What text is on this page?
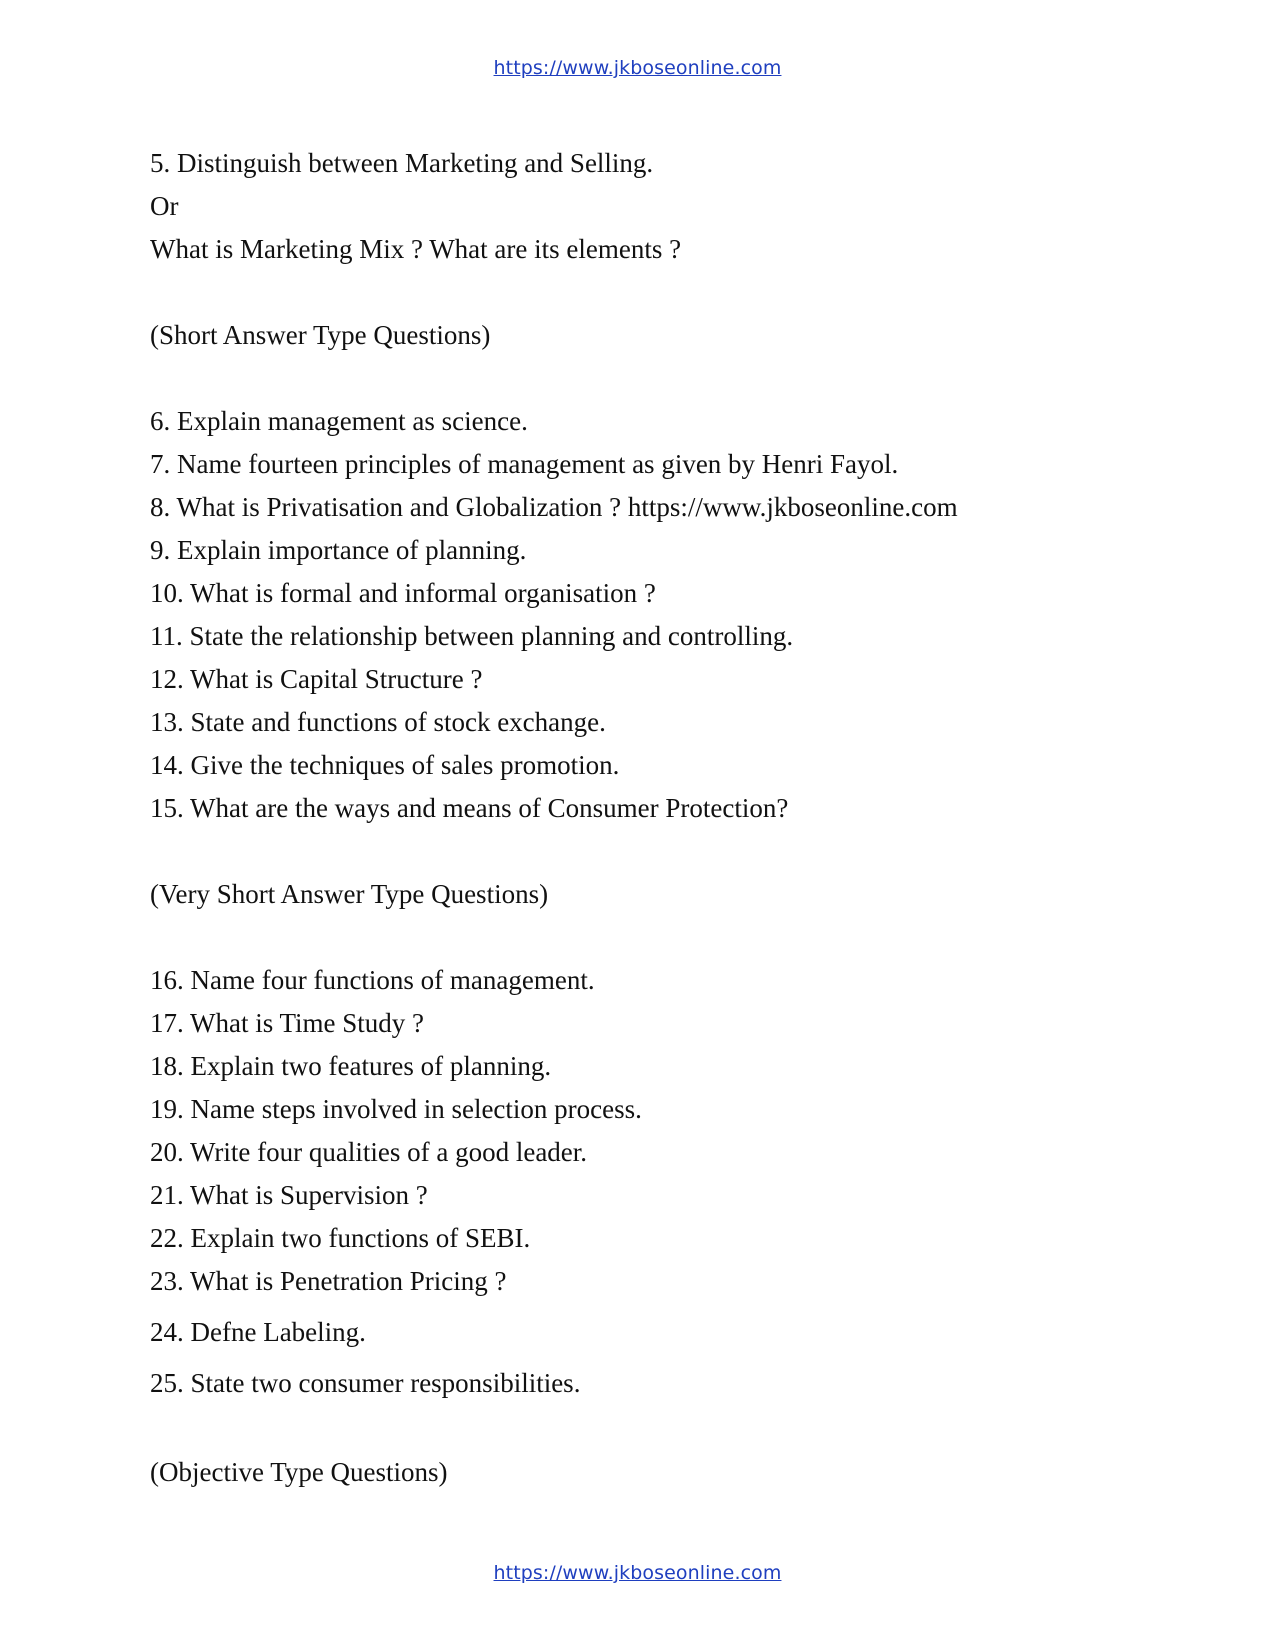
https://www.jkboseonline.com
5. Distinguish between Marketing and Selling.
Or
What is Marketing Mix ? What are its elements ?
(Short Answer Type Questions)
6. Explain management as science.
7. Name fourteen principles of management as given by Henri Fayol.
8. What is Privatisation and Globalization ? https://www.jkboseonline.com
9. Explain importance of planning.
10. What is formal and informal organisation ?
11. State the relationship between planning and controlling.
12. What is Capital Structure ?
13. State and functions of stock exchange.
14. Give the techniques of sales promotion.
15. What are the ways and means of Consumer Protection?
(Very Short Answer Type Questions)
16. Name four functions of management.
17. What is Time Study ?
18. Explain two features of planning.
19. Name steps involved in selection process.
20. Write four qualities of a good leader.
21. What is Supervision ?
22. Explain two functions of SEBI.
23. What is Penetration Pricing ?
24. Defne Labeling.
25. State two consumer responsibilities.
(Objective Type Questions)
https://www.jkboseonline.com
